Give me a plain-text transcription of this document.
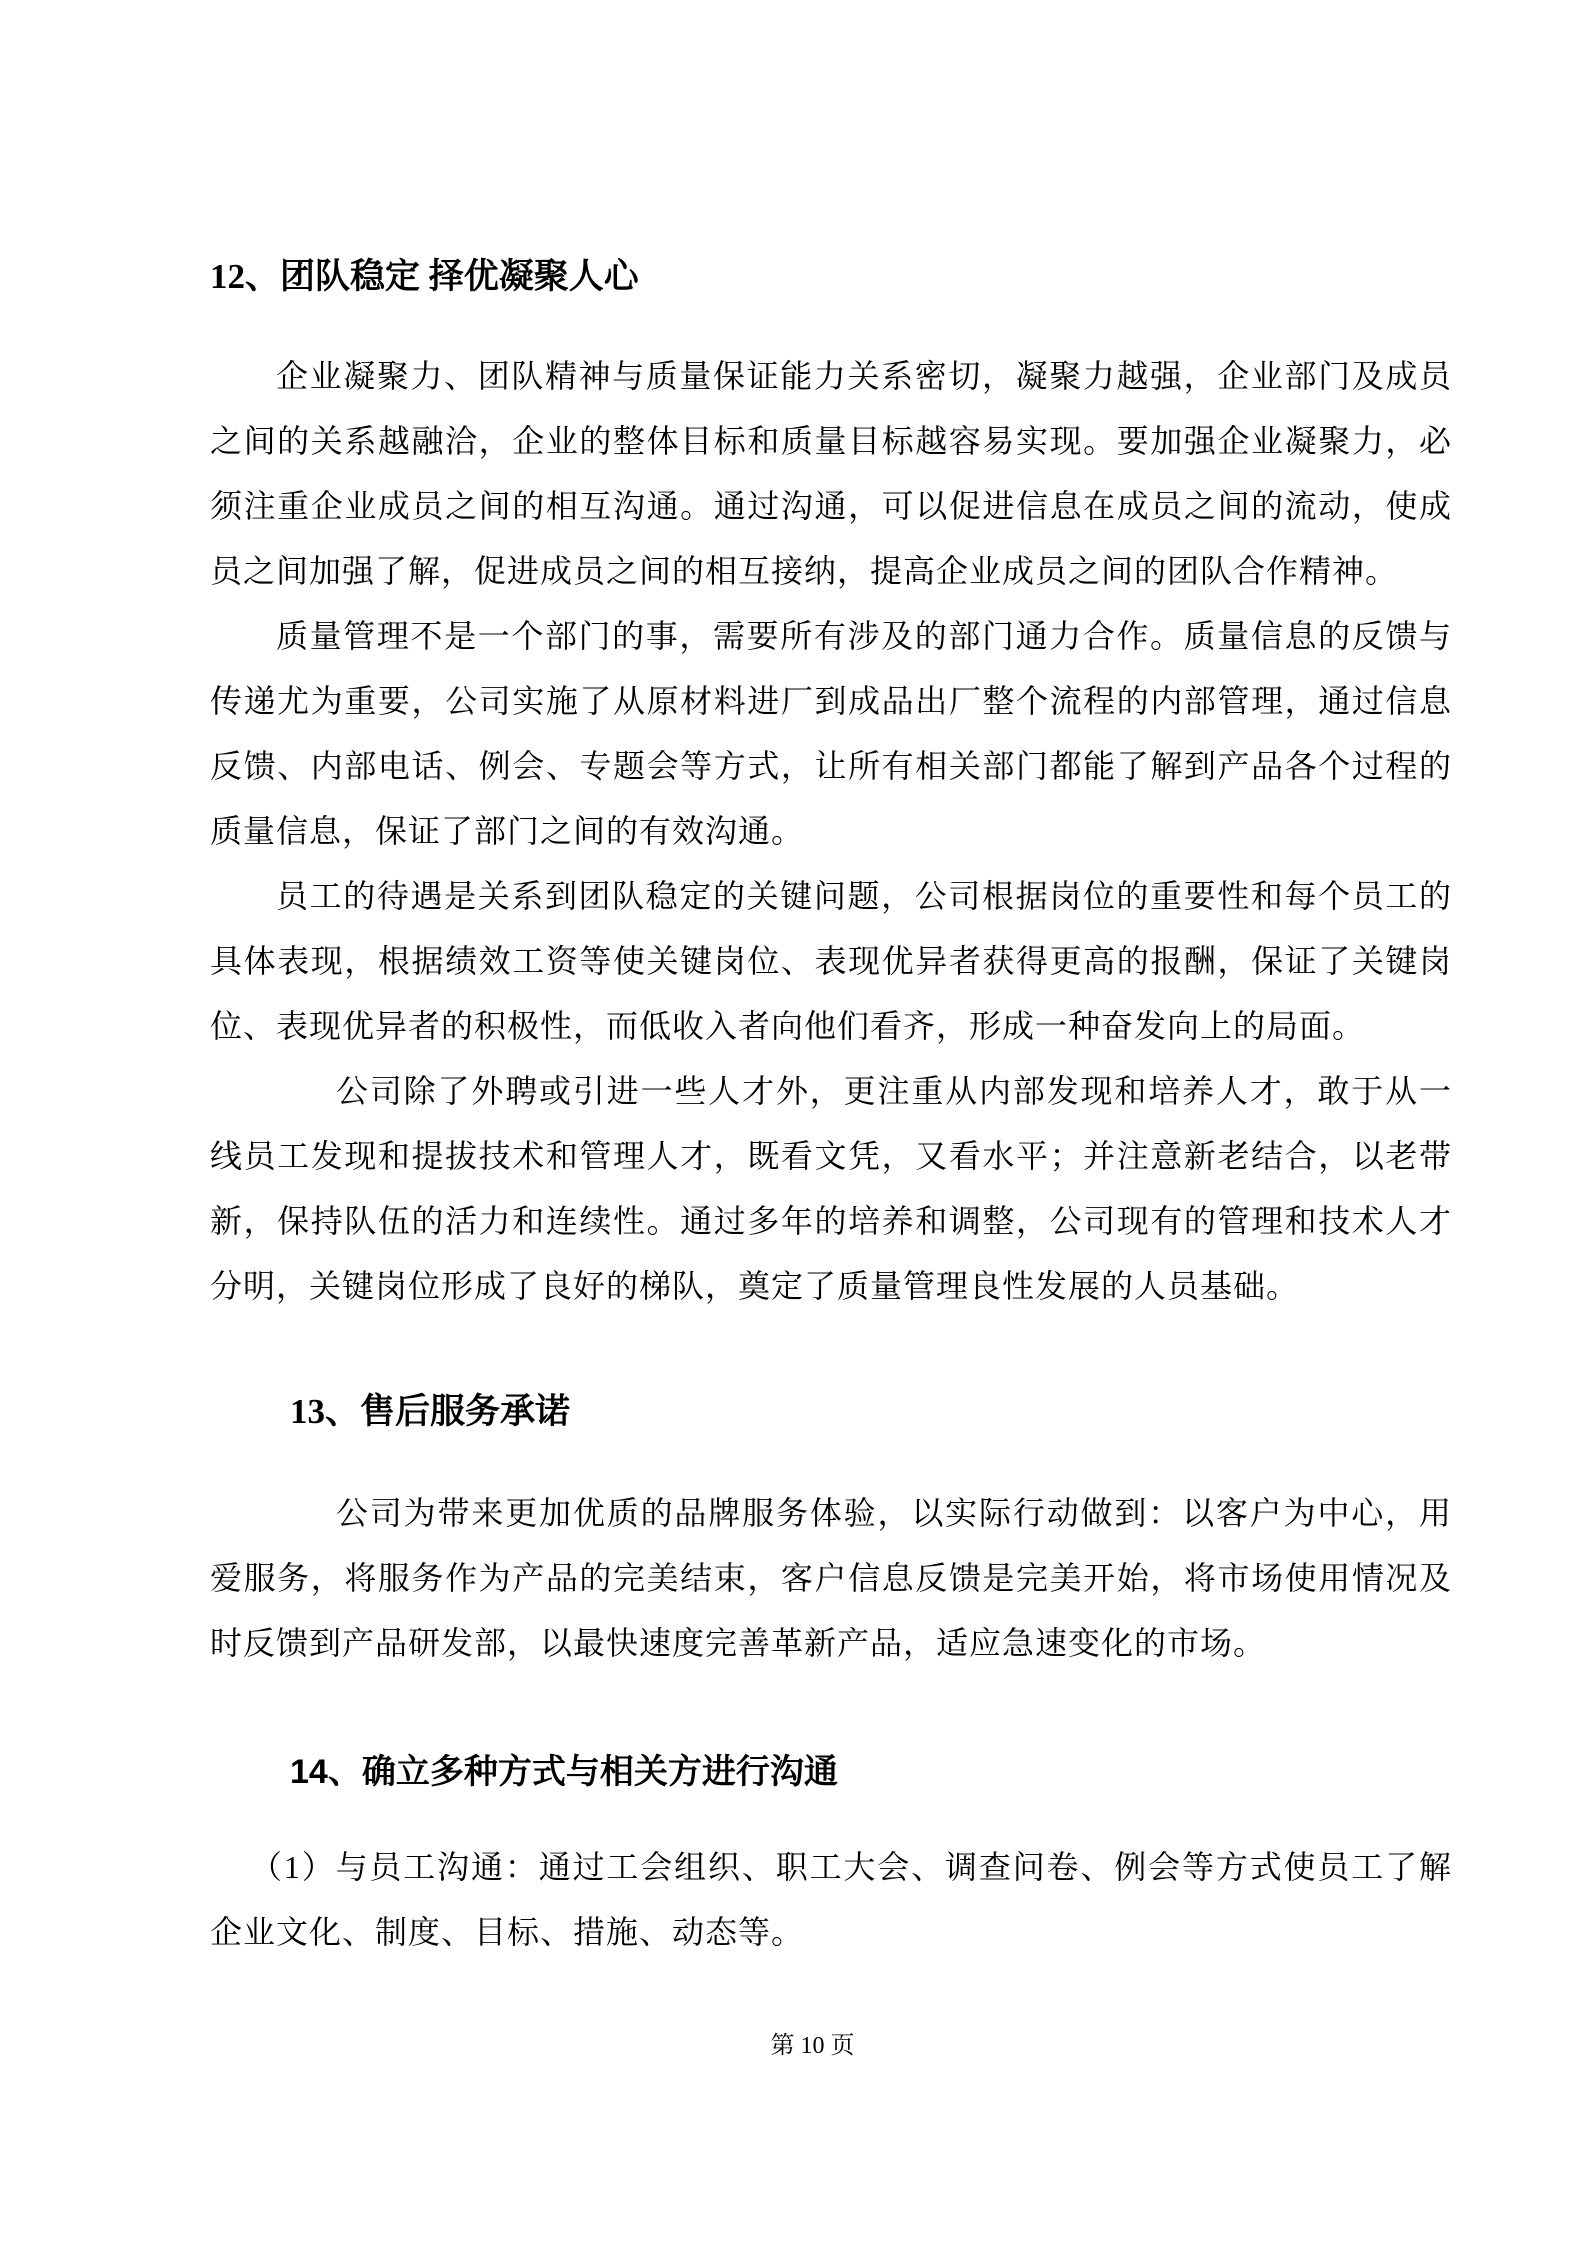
12、团队稳定 择优凝聚人心

企业凝聚力、团队精神与质量保证能力关系密切，凝聚力越强，企业部门及成员之间的关系越融洽，企业的整体目标和质量目标越容易实现。要加强企业凝聚力，必须注重企业成员之间的相互沟通。通过沟通，可以促进信息在成员之间的流动，使成员之间加强了解，促进成员之间的相互接纳，提高企业成员之间的团队合作精神。

质量管理不是一个部门的事，需要所有涉及的部门通力合作。质量信息的反馈与传递尤为重要，公司实施了从原材料进厂到成品出厂整个流程的内部管理，通过信息反馈、内部电话、例会、专题会等方式，让所有相关部门都能了解到产品各个过程的质量信息，保证了部门之间的有效沟通。

员工的待遇是关系到团队稳定的关键问题，公司根据岗位的重要性和每个员工的具体表现，根据绩效工资等使关键岗位、表现优异者获得更高的报酬，保证了关键岗位、表现优异者的积极性，而低收入者向他们看齐，形成一种奋发向上的局面。

公司除了外聘或引进一些人才外，更注重从内部发现和培养人才，敢于从一线员工发现和提拔技术和管理人才，既看文凭，又看水平；并注意新老结合，以老带新，保持队伍的活力和连续性。通过多年的培养和调整，公司现有的管理和技术人才分明，关键岗位形成了良好的梯队，奠定了质量管理良性发展的人员基础。

13、售后服务承诺

公司为带来更加优质的品牌服务体验，以实际行动做到：以客户为中心，用爱服务，将服务作为产品的完美结束，客户信息反馈是完美开始，将市场使用情况及时反馈到产品研发部，以最快速度完善革新产品，适应急速变化的市场。

14、确立多种方式与相关方进行沟通

（1）与员工沟通：通过工会组织、职工大会、调查问卷、例会等方式使员工了解企业文化、制度、目标、措施、动态等。

第 10 页
